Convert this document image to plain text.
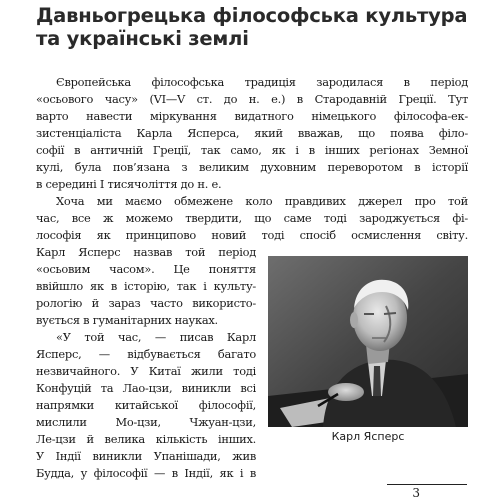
Давньогрецька філософська культура
та українські землі
Європейська філософська традиція зародилася в період
«осьового часу» (VI—V ст. до н. е.) в Стародавній Греції. Тут
варто навести міркування видатного німецького філософа-ек-
зистенціаліста Карла Ясперса, який вважав, що поява філо-
софії в античній Греції, так само, як і в інших регіонах Земної
кулі, була пов’язана з великим духовним переворотом в історії
в середині I тисячоліття до н. е.
Хоча ми маємо обмежене коло правдивих джерел про той
час, все ж можемо твердити, що саме тоді зароджується фі-
лософія як принципово новий тоді спосіб осмислення світу.
Карл Ясперс назвав той період
«осьовим часом». Це поняття
ввійшло як в історію, так і культу-
рологію й зараз часто використо-
вується в гуманітарних науках.
«У той час, — писав Карл
Ясперс, — відбувається багато
незвичайного. У Китаї жили тоді
Конфуцій та Лао-цзи, виникли всі
напрямки китайської філософії,
мислили Мо-цзи, Чжуан-цзи,
Ле-цзи й велика кількість інших.
У Індії виникли Упанішади, жив
Будда, у філософії — в Індії, як і в
Карл Ясперс
3
